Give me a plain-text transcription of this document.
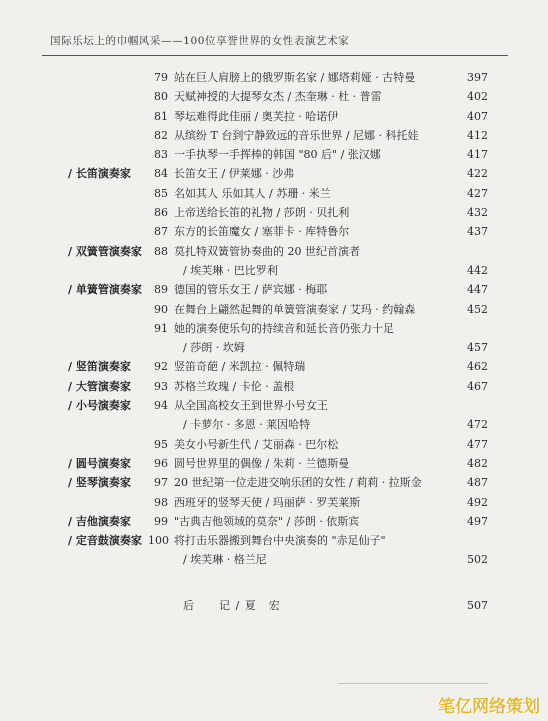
国际乐坛上的巾帼风采——100位享誉世界的女性表演艺术家
79 站在巨人肩膀上的俄罗斯名家 / 娜塔莉娅 · 古特曼	397
80 天赋神授的大提琴女杰 / 杰奎琳 · 杜 · 普雷	402
81 琴坛难得此佳丽 / 奥芙拉 · 哈诺伊	407
82 从缤纷 T 台到宁静致远的音乐世界 / 尼娜 · 科托娃	412
83 一手执琴一手挥棒的韩国 "80 后" / 张汉娜	417
/ 长笛演奏家	84 长笛女王 / 伊莱娜 · 沙弗	422
85 名如其人 乐如其人 / 苏珊 · 米兰	427
86 上帝送给长笛的礼物 / 莎朗 · 贝扎利	432
87 东方的长笛魔女 / 塞菲卡 · 库特鲁尔	437
/ 双簧管演奏家	88 莫扎特双簧管协奏曲的 20 世纪首演者
/ 埃芙琳 · 巴比罗利	442
/ 单簧管演奏家	89 德国的管乐女王 / 萨宾娜 · 梅耶	447
90 在舞台上翩然起舞的单簧管演奏家 / 艾玛 · 约翰森	452
91 她的演奏使乐句的持续音和延长音仍张力十足
/ 莎朗 · 坎姆	457
/ 竖笛演奏家	92 竖笛奇葩 / 米凯拉 · 佩特瑞	462
/ 大管演奏家	93 苏格兰玫瑰 / 卡伦 · 盖根	467
/ 小号演奏家	94 从全国高校女王到世界小号女王
/ 卡萝尔 · 多恩 · 莱因哈特	472
95 美女小号新生代 / 艾丽森 · 巴尔松	477
/ 圆号演奏家	96 圆号世界里的偶像 / 朱莉 · 兰德斯曼	482
/ 竖琴演奏家	97 20 世纪第一位走进交响乐团的女性 / 莉莉 · 拉斯金	487
98 西班牙的竖琴天使 / 玛丽萨 · 罗芙莱斯	492
/ 吉他演奏家	99 "古典吉他领域的莫奈" / 莎朗 · 依斯宾	497
/ 定音鼓演奏家 100 将打击乐器搬到舞台中央演奏的 "赤足仙子"
/ 埃芙琳 · 格兰尼	502
后　　记 / 夏　宏	507
笔亿网络策划
